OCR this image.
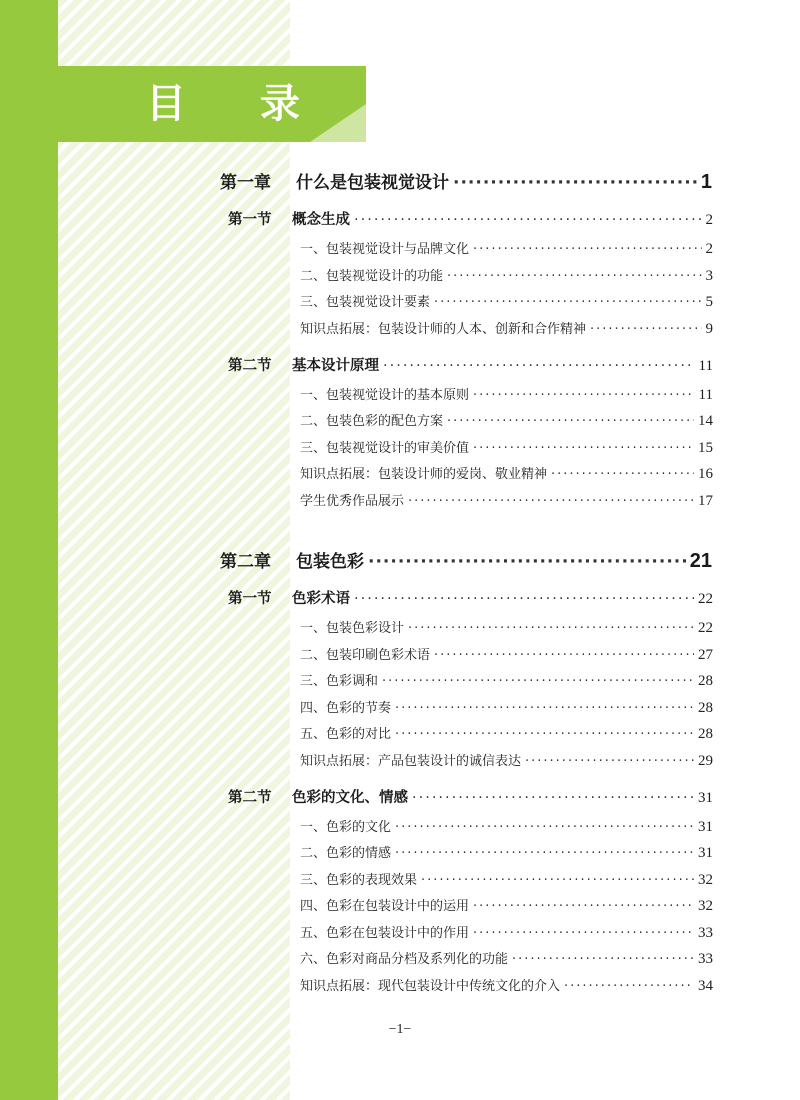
目 录
第一章	什么是包装视觉设计 ·····	1
第一节	概念生成 ·····	2
一、包装视觉设计与品牌文化 ·····	2
二、包装视觉设计的功能 ·····	3
三、包装视觉设计要素 ·····	5
知识点拓展：包装设计师的人本、创新和合作精神 ·····	9
第二节	基本设计原理 ·····	11
一、包装视觉设计的基本原则 ·····	11
二、包装色彩的配色方案 ·····	14
三、包装视觉设计的审美价值 ·····	15
知识点拓展：包装设计师的爱岗、敬业精神 ·····	16
学生优秀作品展示 ·····	17
第二章	包装色彩 ·····	21
第一节	色彩术语 ·····	22
一、包装色彩设计 ·····	22
二、包装印刷色彩术语 ·····	27
三、色彩调和 ·····	28
四、色彩的节奏 ·····	28
五、色彩的对比 ·····	28
知识点拓展：产品包装设计的诚信表达 ·····	29
第二节	色彩的文化、情感 ·····	31
一、色彩的文化 ·····	31
二、色彩的情感 ·····	31
三、色彩的表现效果 ·····	32
四、色彩在包装设计中的运用 ·····	32
五、色彩在包装设计中的作用 ·····	33
六、色彩对商品分档及系列化的功能 ·····	33
知识点拓展：现代包装设计中传统文化的介入 ·····	34
−1−
